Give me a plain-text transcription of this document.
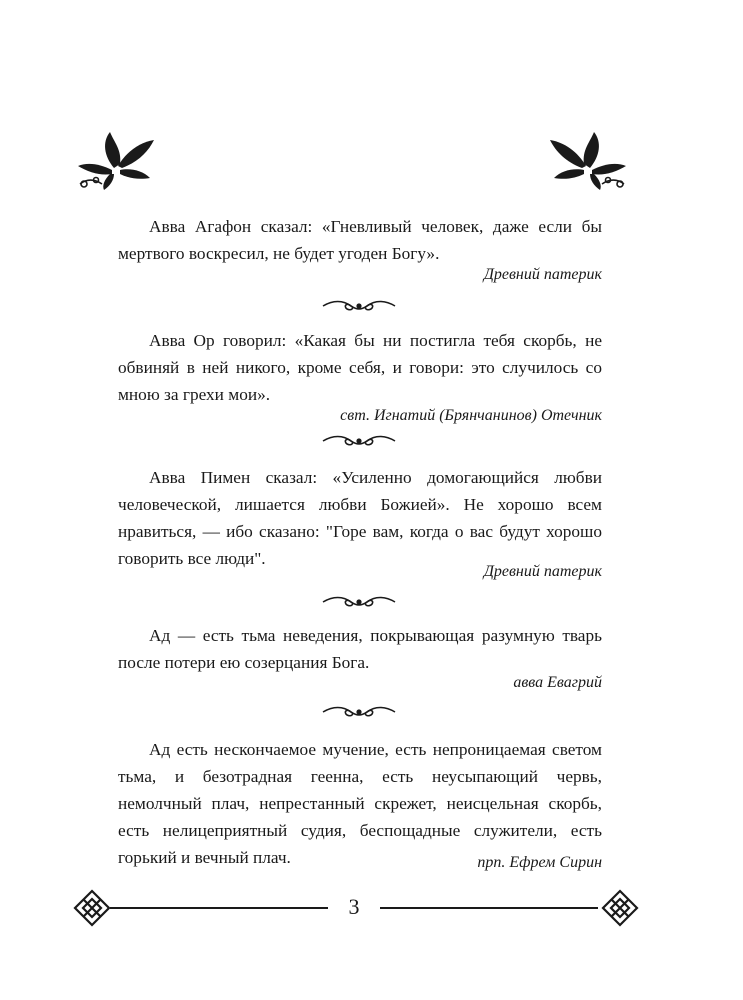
Авва Агафон сказал: «Гневливый человек, даже если бы мертвого воскресил, не будет угоден Богу».

Древний патерик

Авва Ор говорил: «Какая бы ни постигла тебя скорбь, не обвиняй в ней никого, кроме себя, и говори: это случилось со мною за грехи мои».

свт. Игнатий (Брянчанинов) Отечник

Авва Пимен сказал: «Усиленно домогающийся любви человеческой, лишается любви Божией». Не хорошо всем нравиться, — ибо сказано: "Горе вам, когда о вас будут хорошо говорить все люди".

Древний патерик

Ад — есть тьма неведения, покрывающая разумную тварь после потери ею созерцания Бога.

авва Евагрий

Ад есть нескончаемое мучение, есть непроницаемая светом тьма, и безотрадная геенна, есть неусыпающий червь, немолчный плач, непрестанный скрежет, неисцельная скорбь, есть нелицеприятный судия, беспощадные служители, есть горький и вечный плач.	прп. Ефрем Сирин
3
